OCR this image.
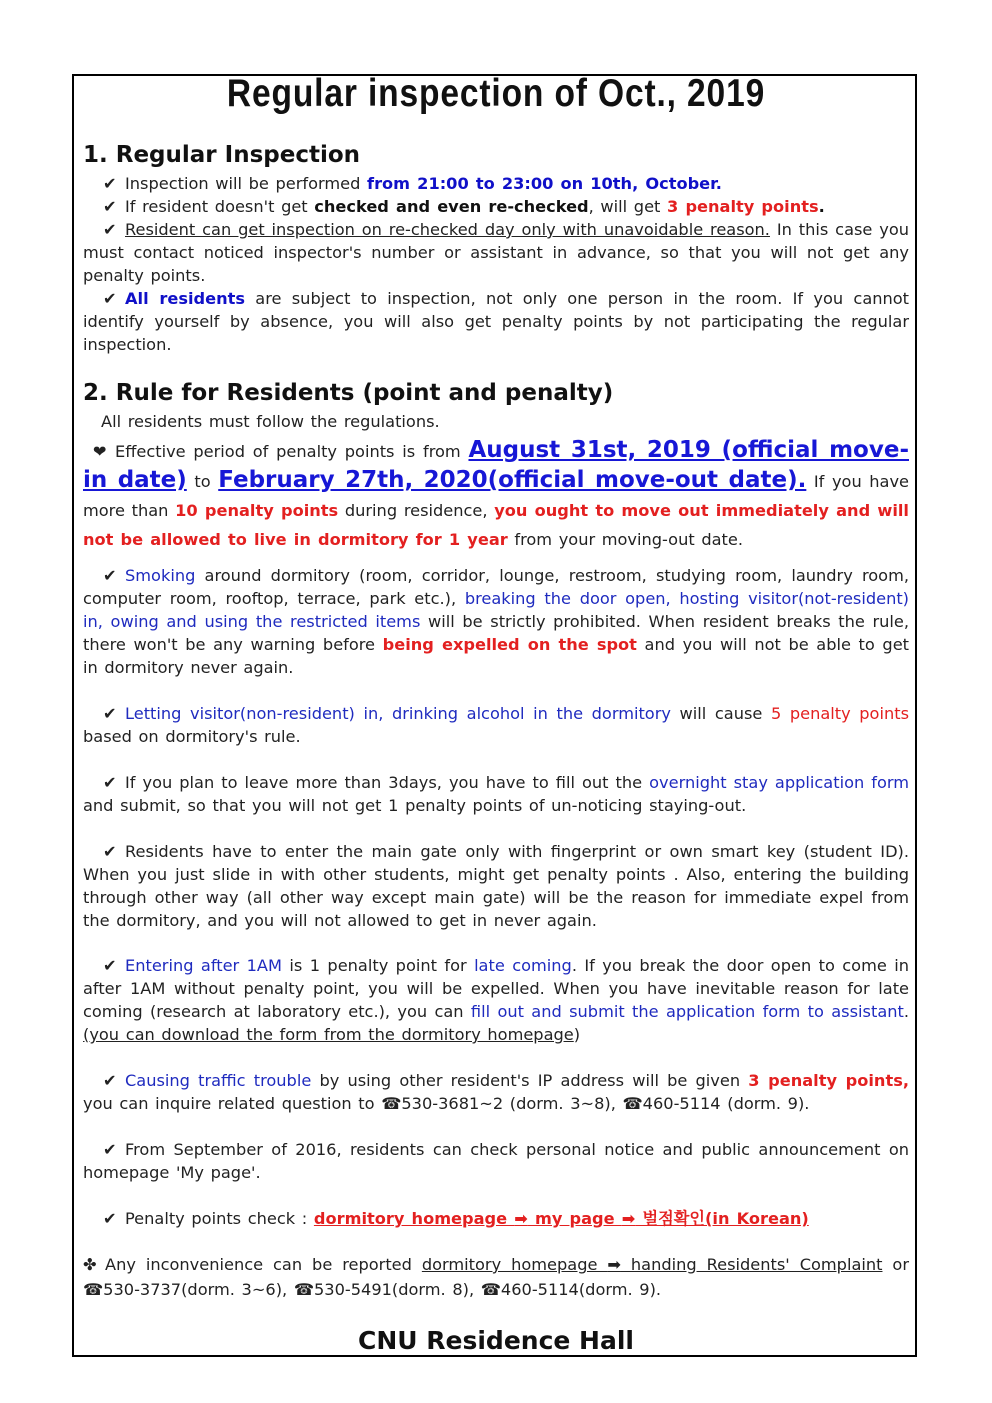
Regular inspection of Oct., 2019
1. Regular Inspection
✔ Inspection will be performed from 21:00 to 23:00 on 10th, October.
✔ If resident doesn't get checked and even re-checked, will get 3 penalty points.
✔ Resident can get inspection on re-checked day only with unavoidable reason. In this case you must contact noticed inspector's number or assistant in advance, so that you will not get any penalty points.
✔ All residents are subject to inspection, not only one person in the room. If you cannot identify yourself by absence, you will also get penalty points by not participating the regular inspection.
2. Rule for Residents (point and penalty)
All residents must follow the regulations.
❤ Effective period of penalty points is from August 31st, 2019 (official move-in date) to February 27th, 2020(official move-out date). If you have more than 10 penalty points during residence, you ought to move out immediately and will not be allowed to live in dormitory for 1 year from your moving-out date.
✔ Smoking around dormitory (room, corridor, lounge, restroom, studying room, laundry room, computer room, rooftop, terrace, park etc.), breaking the door open, hosting visitor(not-resident) in, owing and using the restricted items will be strictly prohibited. When resident breaks the rule, there won't be any warning before being expelled on the spot and you will not be able to get in dormitory never again.
✔ Letting visitor(non-resident) in, drinking alcohol in the dormitory will cause 5 penalty points based on dormitory's rule.
✔ If you plan to leave more than 3days, you have to fill out the overnight stay application form and submit, so that you will not get 1 penalty points of un-noticing staying-out.
✔ Residents have to enter the main gate only with fingerprint or own smart key (student ID). When you just slide in with other students, might get penalty points . Also, entering the building through other way (all other way except main gate) will be the reason for immediate expel from the dormitory, and you will not allowed to get in never again.
✔ Entering after 1AM is 1 penalty point for late coming. If you break the door open to come in after 1AM without penalty point, you will be expelled. When you have inevitable reason for late coming (research at laboratory etc.), you can fill out and submit the application form to assistant. (you can download the form from the dormitory homepage)
✔ Causing traffic trouble by using other resident's IP address will be given 3 penalty points, you can inquire related question to ☎530-3681~2 (dorm. 3~8), ☎460-5114 (dorm. 9).
✔ From September of 2016, residents can check personal notice and public announcement on homepage 'My page'.
✔ Penalty points check : dormitory homepage ➡ my page ➡ 벌점확인(in Korean)
✤ Any inconvenience can be reported dormitory homepage ➡ handing Residents' Complaint or ☎530-3737(dorm. 3~6), ☎530-5491(dorm. 8), ☎460-5114(dorm. 9).
CNU Residence Hall
